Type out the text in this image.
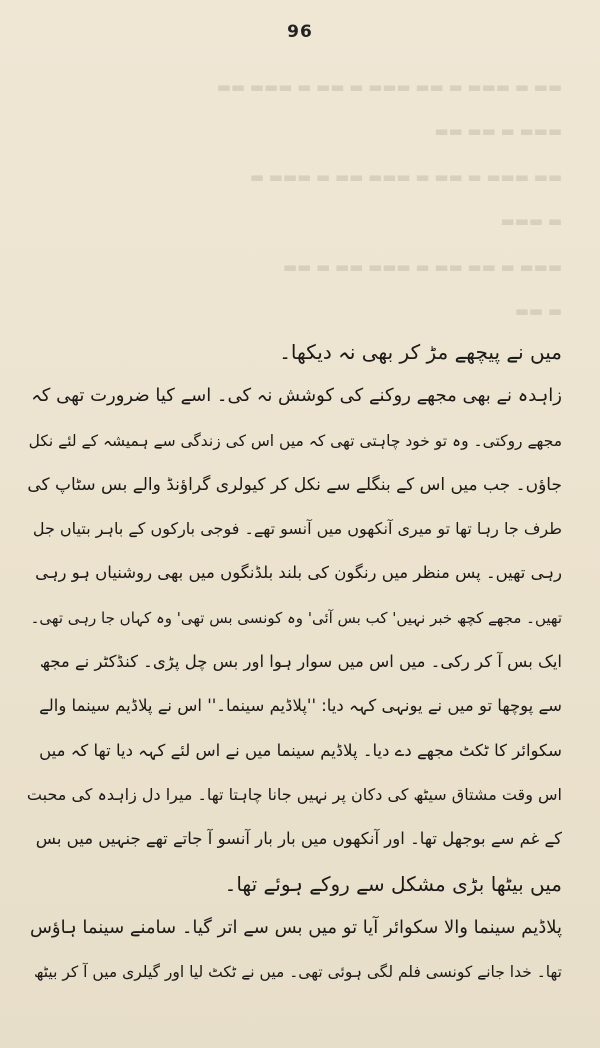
96
▬▬ ▬ ▬▬▬ ▬ ▬▬ ▬▬▬ ▬ ▬▬ ▬ ▬▬▬ ▬▬
▬▬▬ ▬ ▬▬ ▬▬
▬▬ ▬▬▬ ▬ ▬▬ ▬ ▬▬▬ ▬▬ ▬ ▬▬▬ ▬
▬ ▬▬▬
▬▬▬ ▬ ▬▬ ▬▬ ▬ ▬▬▬ ▬▬ ▬ ▬▬
▬ ▬▬

میں نے پیچھے مڑ کر بھی نہ دیکھا۔

زاہدہ نے بھی مجھے روکنے کی کوشش نہ کی۔ اسے کیا ضرورت تھی کہ
مجھے روکتی۔ وہ تو خود چاہتی تھی کہ میں اس کی زندگی سے ہمیشہ کے لئے نکل
جاؤں۔ جب میں اس کے بنگلے سے نکل کر کیولری گراؤنڈ والے بس سٹاپ کی
طرف جا رہا تھا تو میری آنکھوں میں آنسو تھے۔ فوجی بارکوں کے باہر بتیاں جل
رہی تھیں۔ پس منظر میں رنگون کی بلند بلڈنگوں میں بھی روشنیاں ہو رہی
تھیں۔ مجھے کچھ خبر نہیں' کب بس آئی' وہ کونسی بس تھی' وہ کہاں جا رہی تھی۔
ایک بس آ کر رکی۔ میں اس میں سوار ہوا اور بس چل پڑی۔ کنڈکٹر نے مجھ
سے پوچھا تو میں نے یونہی کہہ دیا: ''پلاڈیم سینما۔'' اس نے پلاڈیم سینما والے
سکوائر کا ٹکٹ مجھے دے دیا۔ پلاڈیم سینما میں نے اس لئے کہہ دیا تھا کہ میں
اس وقت مشتاق سیٹھ کی دکان پر نہیں جانا چاہتا تھا۔ میرا دل زاہدہ کی محبت
کے غم سے بوجھل تھا۔ اور آنکھوں میں بار بار آنسو آ جاتے تھے جنہیں میں بس
میں بیٹھا بڑی مشکل سے روکے ہوئے تھا۔

پلاڈیم سینما والا سکوائر آیا تو میں بس سے اتر گیا۔ سامنے سینما ہاؤس
تھا۔ خدا جانے کونسی فلم لگی ہوئی تھی۔ میں نے ٹکٹ لیا اور گیلری میں آ کر بیٹھ
